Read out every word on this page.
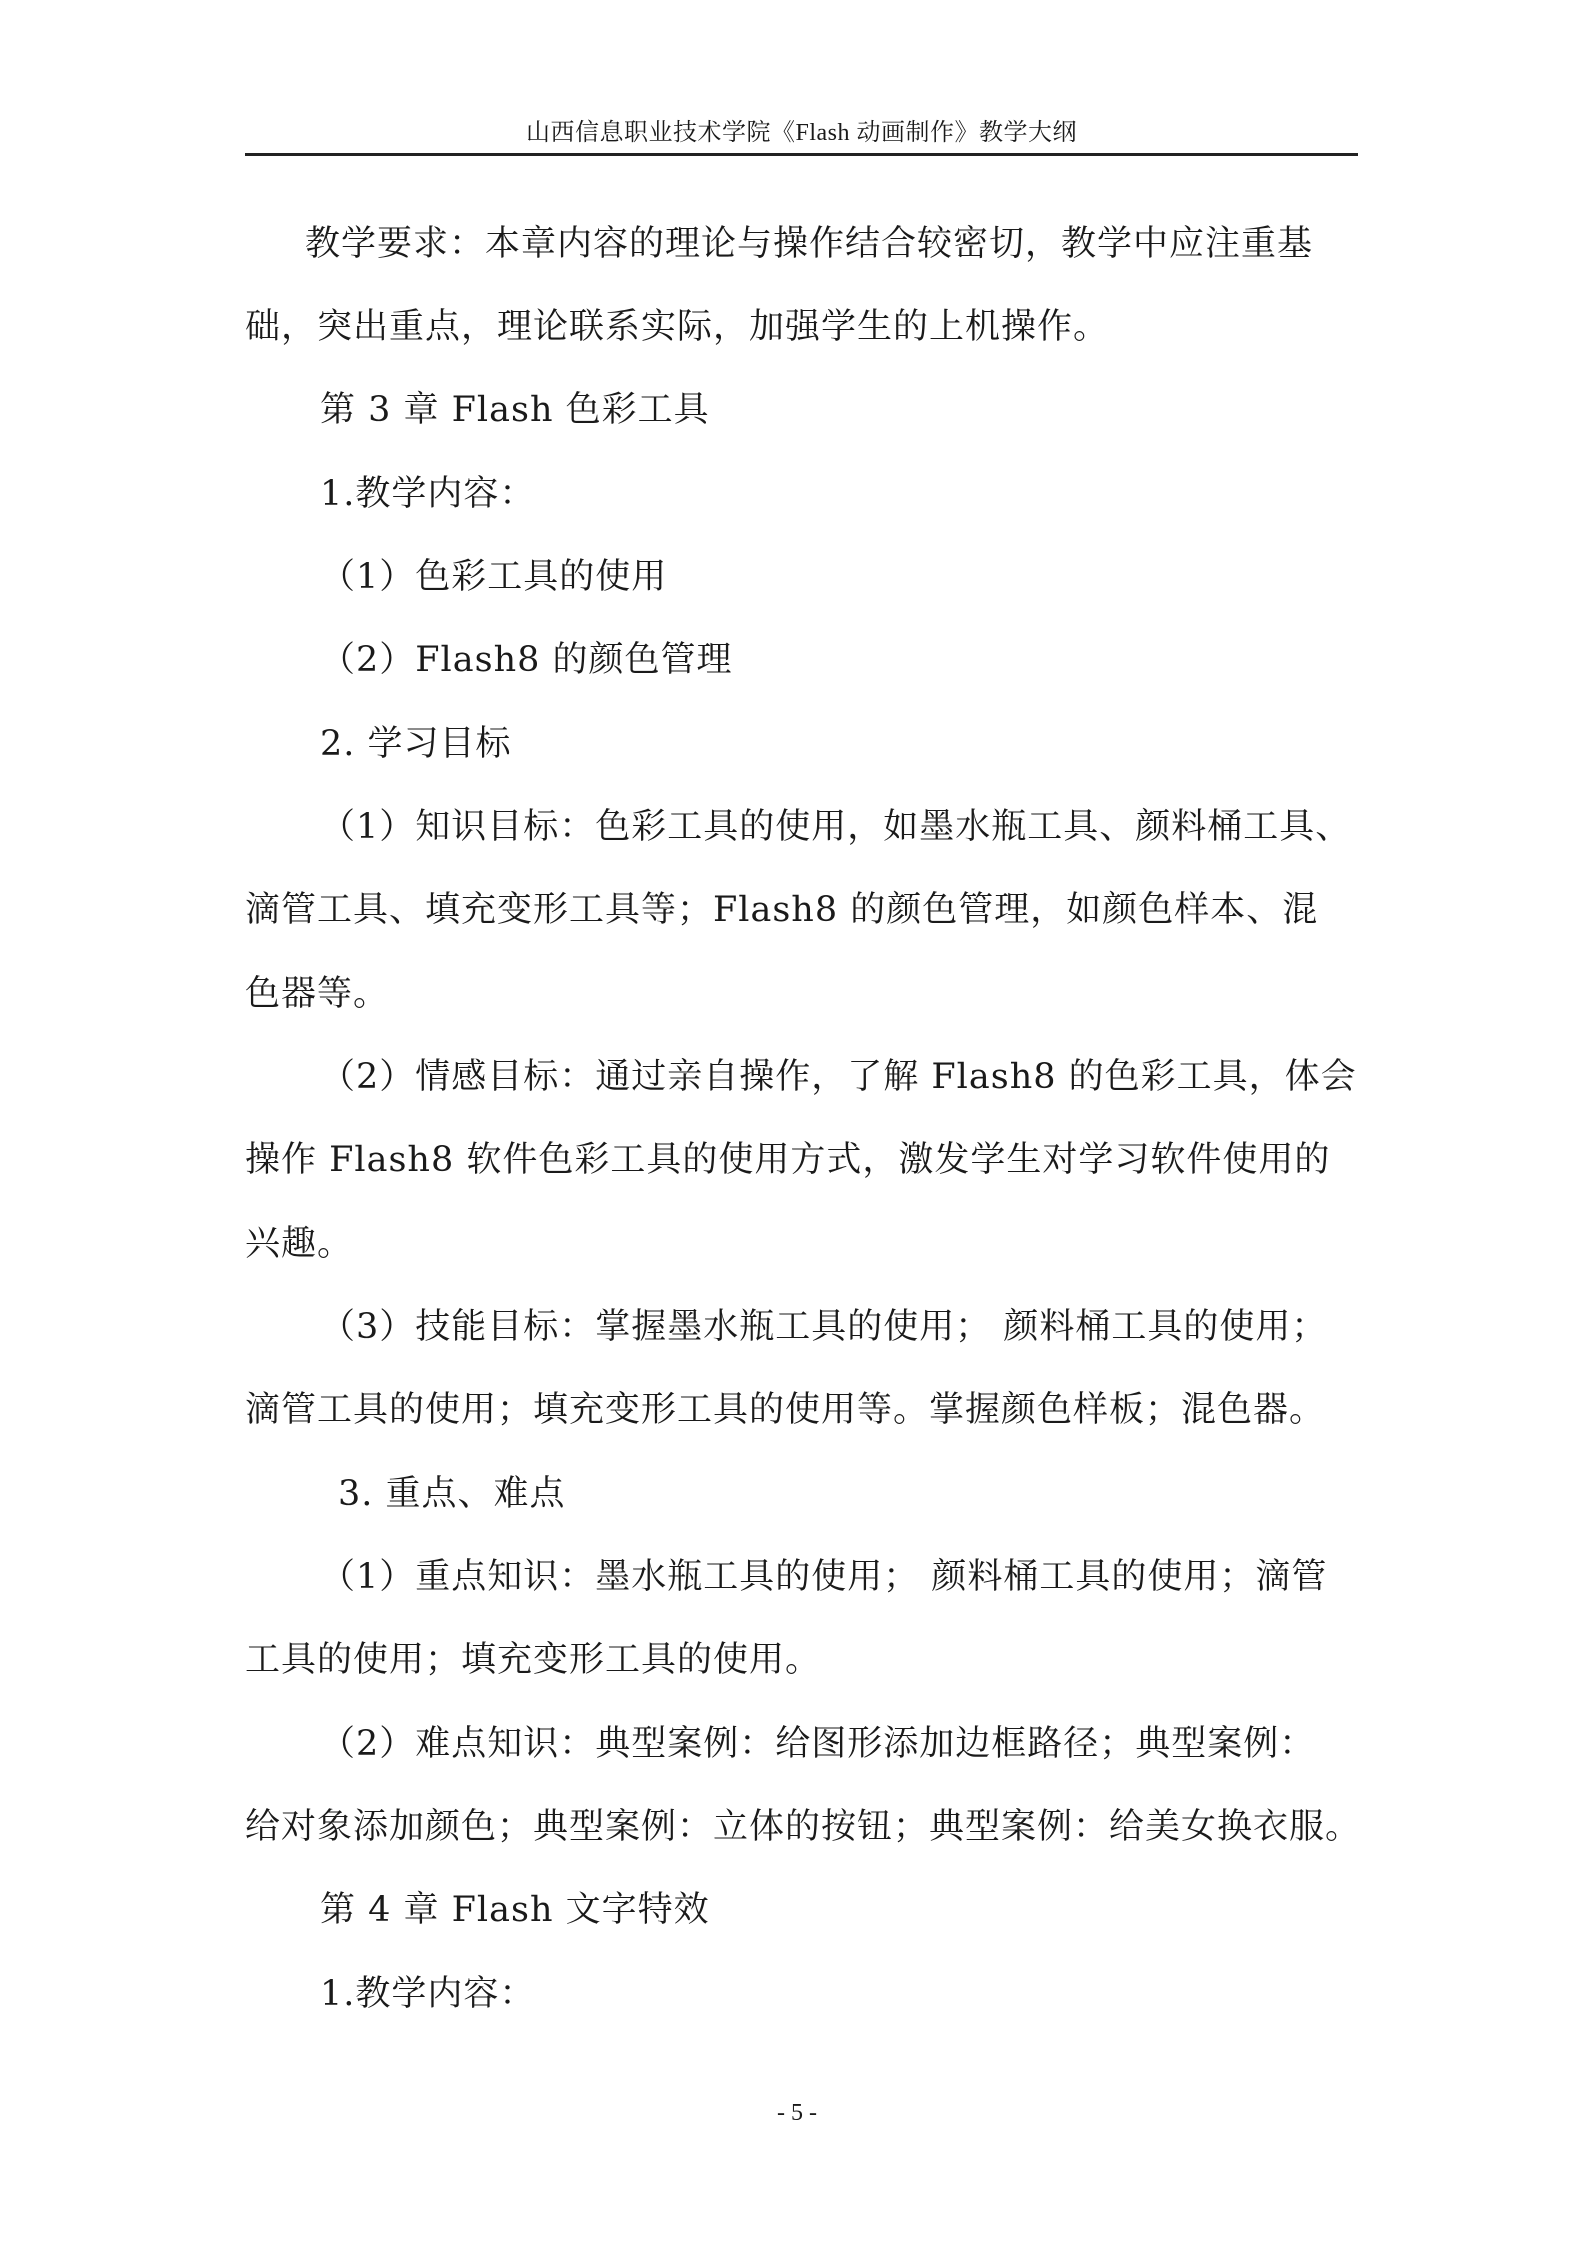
山西信息职业技术学院《Flash 动画制作》教学大纲
教学要求：本章内容的理论与操作结合较密切，教学中应注重基
础，突出重点，理论联系实际，加强学生的上机操作。
第 3 章 Flash 色彩工具
1.教学内容：
（1）色彩工具的使用
（2）Flash8 的颜色管理
2. 学习目标
（1）知识目标：色彩工具的使用，如墨水瓶工具、颜料桶工具、
滴管工具、填充变形工具等；Flash8 的颜色管理，如颜色样本、混
色器等。
（2）情感目标：通过亲自操作，了解 Flash8 的色彩工具，体会
操作 Flash8 软件色彩工具的使用方式，激发学生对学习软件使用的
兴趣。
（3）技能目标：掌握墨水瓶工具的使用； 颜料桶工具的使用；
滴管工具的使用；填充变形工具的使用等。掌握颜色样板；混色器。
3. 重点、难点
（1）重点知识：墨水瓶工具的使用； 颜料桶工具的使用；滴管
工具的使用；填充变形工具的使用。
（2）难点知识：典型案例：给图形添加边框路径；典型案例：
给对象添加颜色；典型案例：立体的按钮；典型案例：给美女换衣服。
第 4 章 Flash 文字特效
1.教学内容：
- 5 -
